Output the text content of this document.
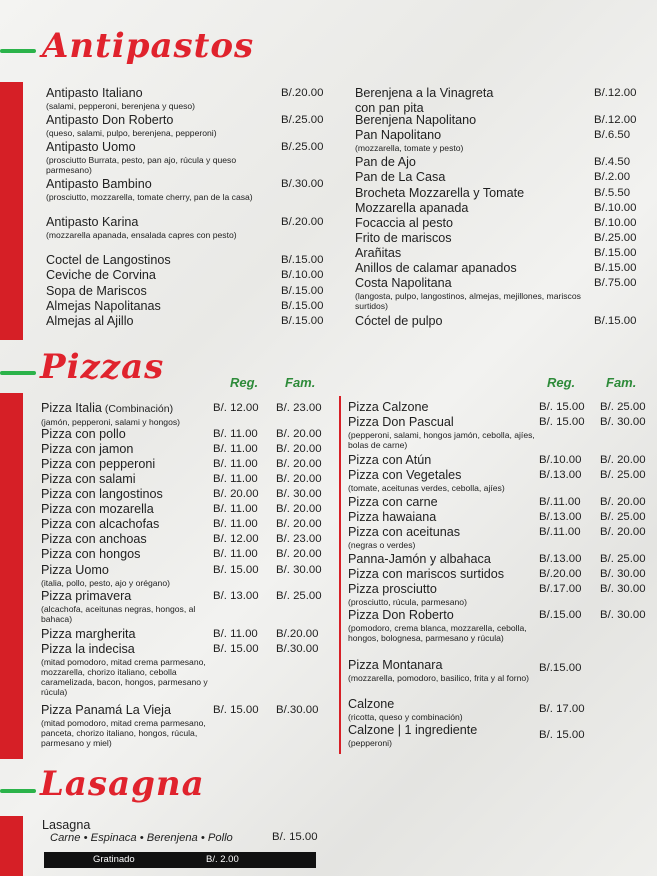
Antipastos
Pizzas
Lasagna
Reg. Fam.	Reg. Fam.
Antipasto Italiano
(salami, pepperoni, berenjena y queso)
B/.20.00
Antipasto Don Roberto
(queso, salami, pulpo, berenjena, pepperoni)
B/.25.00
Antipasto Uomo
(prosciutto Burrata, pesto, pan ajo, rúcula y queso parmesano)
B/.25.00
Antipasto Bambino
(prosciutto, mozzarella, tomate cherry, pan de la casa)
B/.30.00
Antipasto Karina
(mozzarella apanada, ensalada capres con pesto)
B/.20.00
Coctel de Langostinos	B/.15.00
Ceviche de Corvina	B/.10.00
Sopa de Mariscos	B/.15.00
Almejas Napolitanas	B/.15.00
Almejas al Ajillo	B/.15.00
Berenjena a la Vinagreta con pan pita
B/.12.00
Berenjena Napolitano	B/.12.00
Pan Napolitano
(mozzarella, tomate y pesto)
B/.6.50
Pan de Ajo	B/.4.50
Pan de La Casa	B/.2.00
Brocheta Mozzarella y Tomate	B/.5.50
Mozzarella apanada	B/.10.00
Focaccia al pesto	B/.10.00
Frito de mariscos	B/.25.00
Arañitas	B/.15.00
Anillos de calamar apanados	B/.15.00
Costa Napolitana
(langosta, pulpo, langostinos, almejas, mejillones, mariscos surtidos)
B/.75.00
Cóctel de pulpo	B/.15.00
Pizza Italia (Combinación)
(jamón, pepperoni, salami y hongos)
B/. 12.00 B/. 23.00
Pizza con pollo	B/. 11.00 B/. 20.00
Pizza con jamon	B/. 11.00 B/. 20.00
Pizza con pepperoni	B/. 11.00 B/. 20.00
Pizza con salami	B/. 11.00 B/. 20.00
Pizza con langostinos	B/. 20.00 B/. 30.00
Pizza con mozarella	B/. 11.00 B/. 20.00
Pizza con alcachofas	B/. 11.00 B/. 20.00
Pizza con anchoas	B/. 12.00 B/. 23.00
Pizza con hongos	B/. 11.00 B/. 20.00
Pizza Uomo
(italia, pollo, pesto, ajo y orégano)
B/. 15.00 B/. 30.00
Pizza primavera
(alcachofa, aceitunas negras, hongos, al bahaca)
B/. 13.00 B/. 25.00
Pizza margherita	B/. 11.00 B/.20.00
Pizza la indecisa
(mitad pomodoro, mitad crema parmesano, mozzarella, chorizo italiano, cebolla caramelizada, bacon, hongos, parmesano y rúcula)
B/. 15.00 B/.30.00
Pizza Panamá La Vieja
(mitad pomodoro, mitad crema parmesano, panceta, chorizo italiano, hongos, rúcula, parmesano y miel)
B/. 15.00 B/.30.00
Pizza Calzone	B/. 15.00 B/. 25.00
Pizza Don Pascual
(pepperoni, salami, hongos jamón, cebolla, ajíes, bolas de carne)
B/. 15.00 B/. 30.00
Pizza con Atún	B/.10.00 B/. 20.00
Pizza con Vegetales
(tomate, aceitunas verdes, cebolla, ajíes)
B/.13.00 B/. 25.00
Pizza con carne	B/.11.00 B/. 20.00
Pizza hawaiana	B/.13.00 B/. 25.00
Pizza con aceitunas
(negras o verdes)
B/.11.00 B/. 20.00
Panna-Jamón y albahaca	B/.13.00 B/. 25.00
Pizza con mariscos surtidos	B/.20.00 B/. 30.00
Pizza prosciutto
(prosciutto, rúcula, parmesano)
B/.17.00 B/. 30.00
Pizza Don Roberto
(pomodoro, crema blanca, mozzarella, cebolla, hongos, bolognesa, parmesano y rúcula)
B/.15.00 B/. 30.00
Pizza Montanara
(mozzarella, pomodoro, basilico, frita y al forno)
B/.15.00
Calzone
(ricotta, queso y combinación)
B/. 17.00
Calzone | 1 ingrediente
(pepperoni)
B/. 15.00
Lasagna
Carne • Espinaca • Berenjena • Pollo	B/. 15.00
Gratinado	B/. 2.00
